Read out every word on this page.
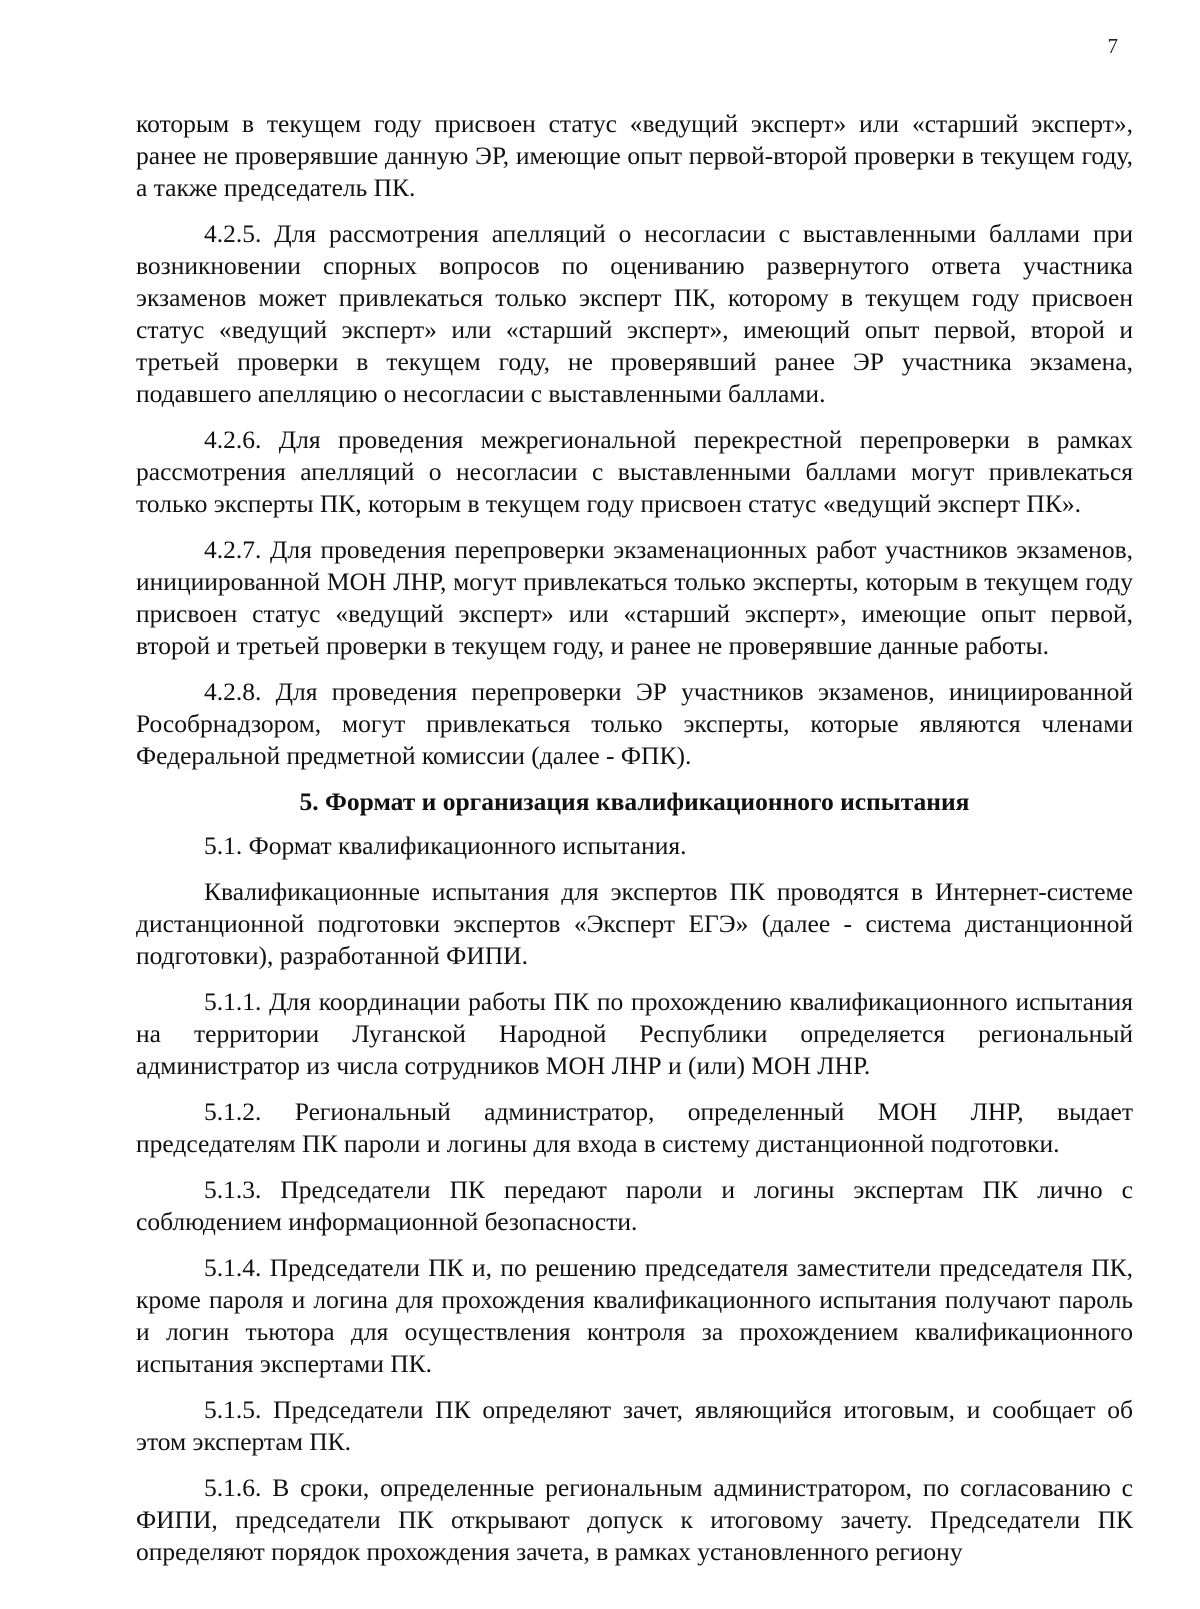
7

которым в текущем году присвоен статус «ведущий эксперт» или «старший эксперт», ранее не проверявшие данную ЭР, имеющие опыт первой-второй проверки в текущем году, а также председатель ПК.

4.2.5. Для рассмотрения апелляций о несогласии с выставленными баллами при возникновении спорных вопросов по оцениванию развернутого ответа участника экзаменов может привлекаться только эксперт ПК, которому в текущем году присвоен статус «ведущий эксперт» или «старший эксперт», имеющий опыт первой, второй и третьей проверки в текущем году, не проверявший ранее ЭР участника экзамена, подавшего апелляцию о несогласии с выставленными баллами.

4.2.6. Для проведения межрегиональной перекрестной перепроверки в рамках рассмотрения апелляций о несогласии с выставленными баллами могут привлекаться только эксперты ПК, которым в текущем году присвоен статус «ведущий эксперт ПК».

4.2.7. Для проведения перепроверки экзаменационных работ участников экзаменов, инициированной МОН ЛНР, могут привлекаться только эксперты, которым в текущем году присвоен статус «ведущий эксперт» или «старший эксперт», имеющие опыт первой, второй и третьей проверки в текущем году, и ранее не проверявшие данные работы.

4.2.8. Для проведения перепроверки ЭР участников экзаменов, инициированной Рособрнадзором, могут привлекаться только эксперты, которые являются членами Федеральной предметной комиссии (далее - ФПК).

5. Формат и организация квалификационного испытания

5.1. Формат квалификационного испытания.

Квалификационные испытания для экспертов ПК проводятся в Интернет-системе дистанционной подготовки экспертов «Эксперт ЕГЭ» (далее - система дистанционной подготовки), разработанной ФИПИ.

5.1.1. Для координации работы ПК по прохождению квалификационного испытания на территории Луганской Народной Республики определяется региональный администратор из числа сотрудников МОН ЛНР и (или) МОН ЛНР.

5.1.2. Региональный администратор, определенный МОН ЛНР, выдает председателям ПК пароли и логины для входа в систему дистанционной подготовки.

5.1.3. Председатели ПК передают пароли и логины экспертам ПК лично с соблюдением информационной безопасности.

5.1.4. Председатели ПК и, по решению председателя заместители председателя ПК, кроме пароля и логина для прохождения квалификационного испытания получают пароль и логин тьютора для осуществления контроля за прохождением квалификационного испытания экспертами ПК.

5.1.5. Председатели ПК определяют зачет, являющийся итоговым, и сообщает об этом экспертам ПК.

5.1.6. В сроки, определенные региональным администратором, по согласованию с ФИПИ, председатели ПК открывают допуск к итоговому зачету. Председатели ПК определяют порядок прохождения зачета, в рамках установленного региону
